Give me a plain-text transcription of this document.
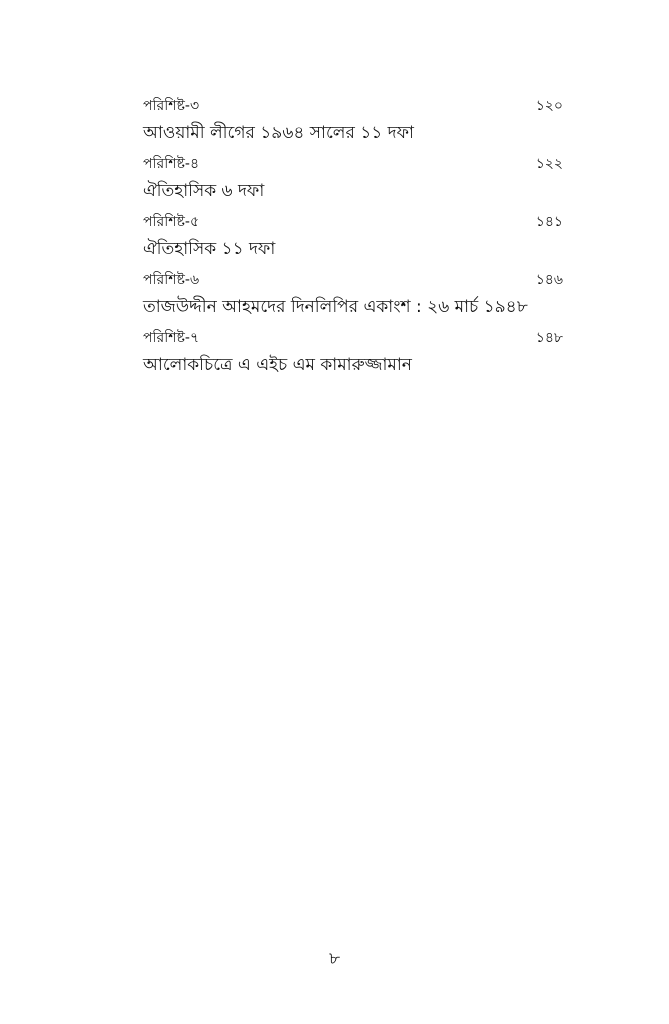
পরিশিষ্ট-৩	১২০
আওয়ামী লীগের ১৯৬৪ সালের ১১ দফা
পরিশিষ্ট-৪	১২২
ঐতিহাসিক ৬ দফা
পরিশিষ্ট-৫	১৪১
ঐতিহাসিক ১১ দফা
পরিশিষ্ট-৬	১৪৬
তাজউদ্দীন আহমদের দিনলিপির একাংশ : ২৬ মার্চ ১৯৪৮
পরিশিষ্ট-৭	১৪৮
আলোকচিত্রে এ এইচ এম কামারুজ্জামান
৮
